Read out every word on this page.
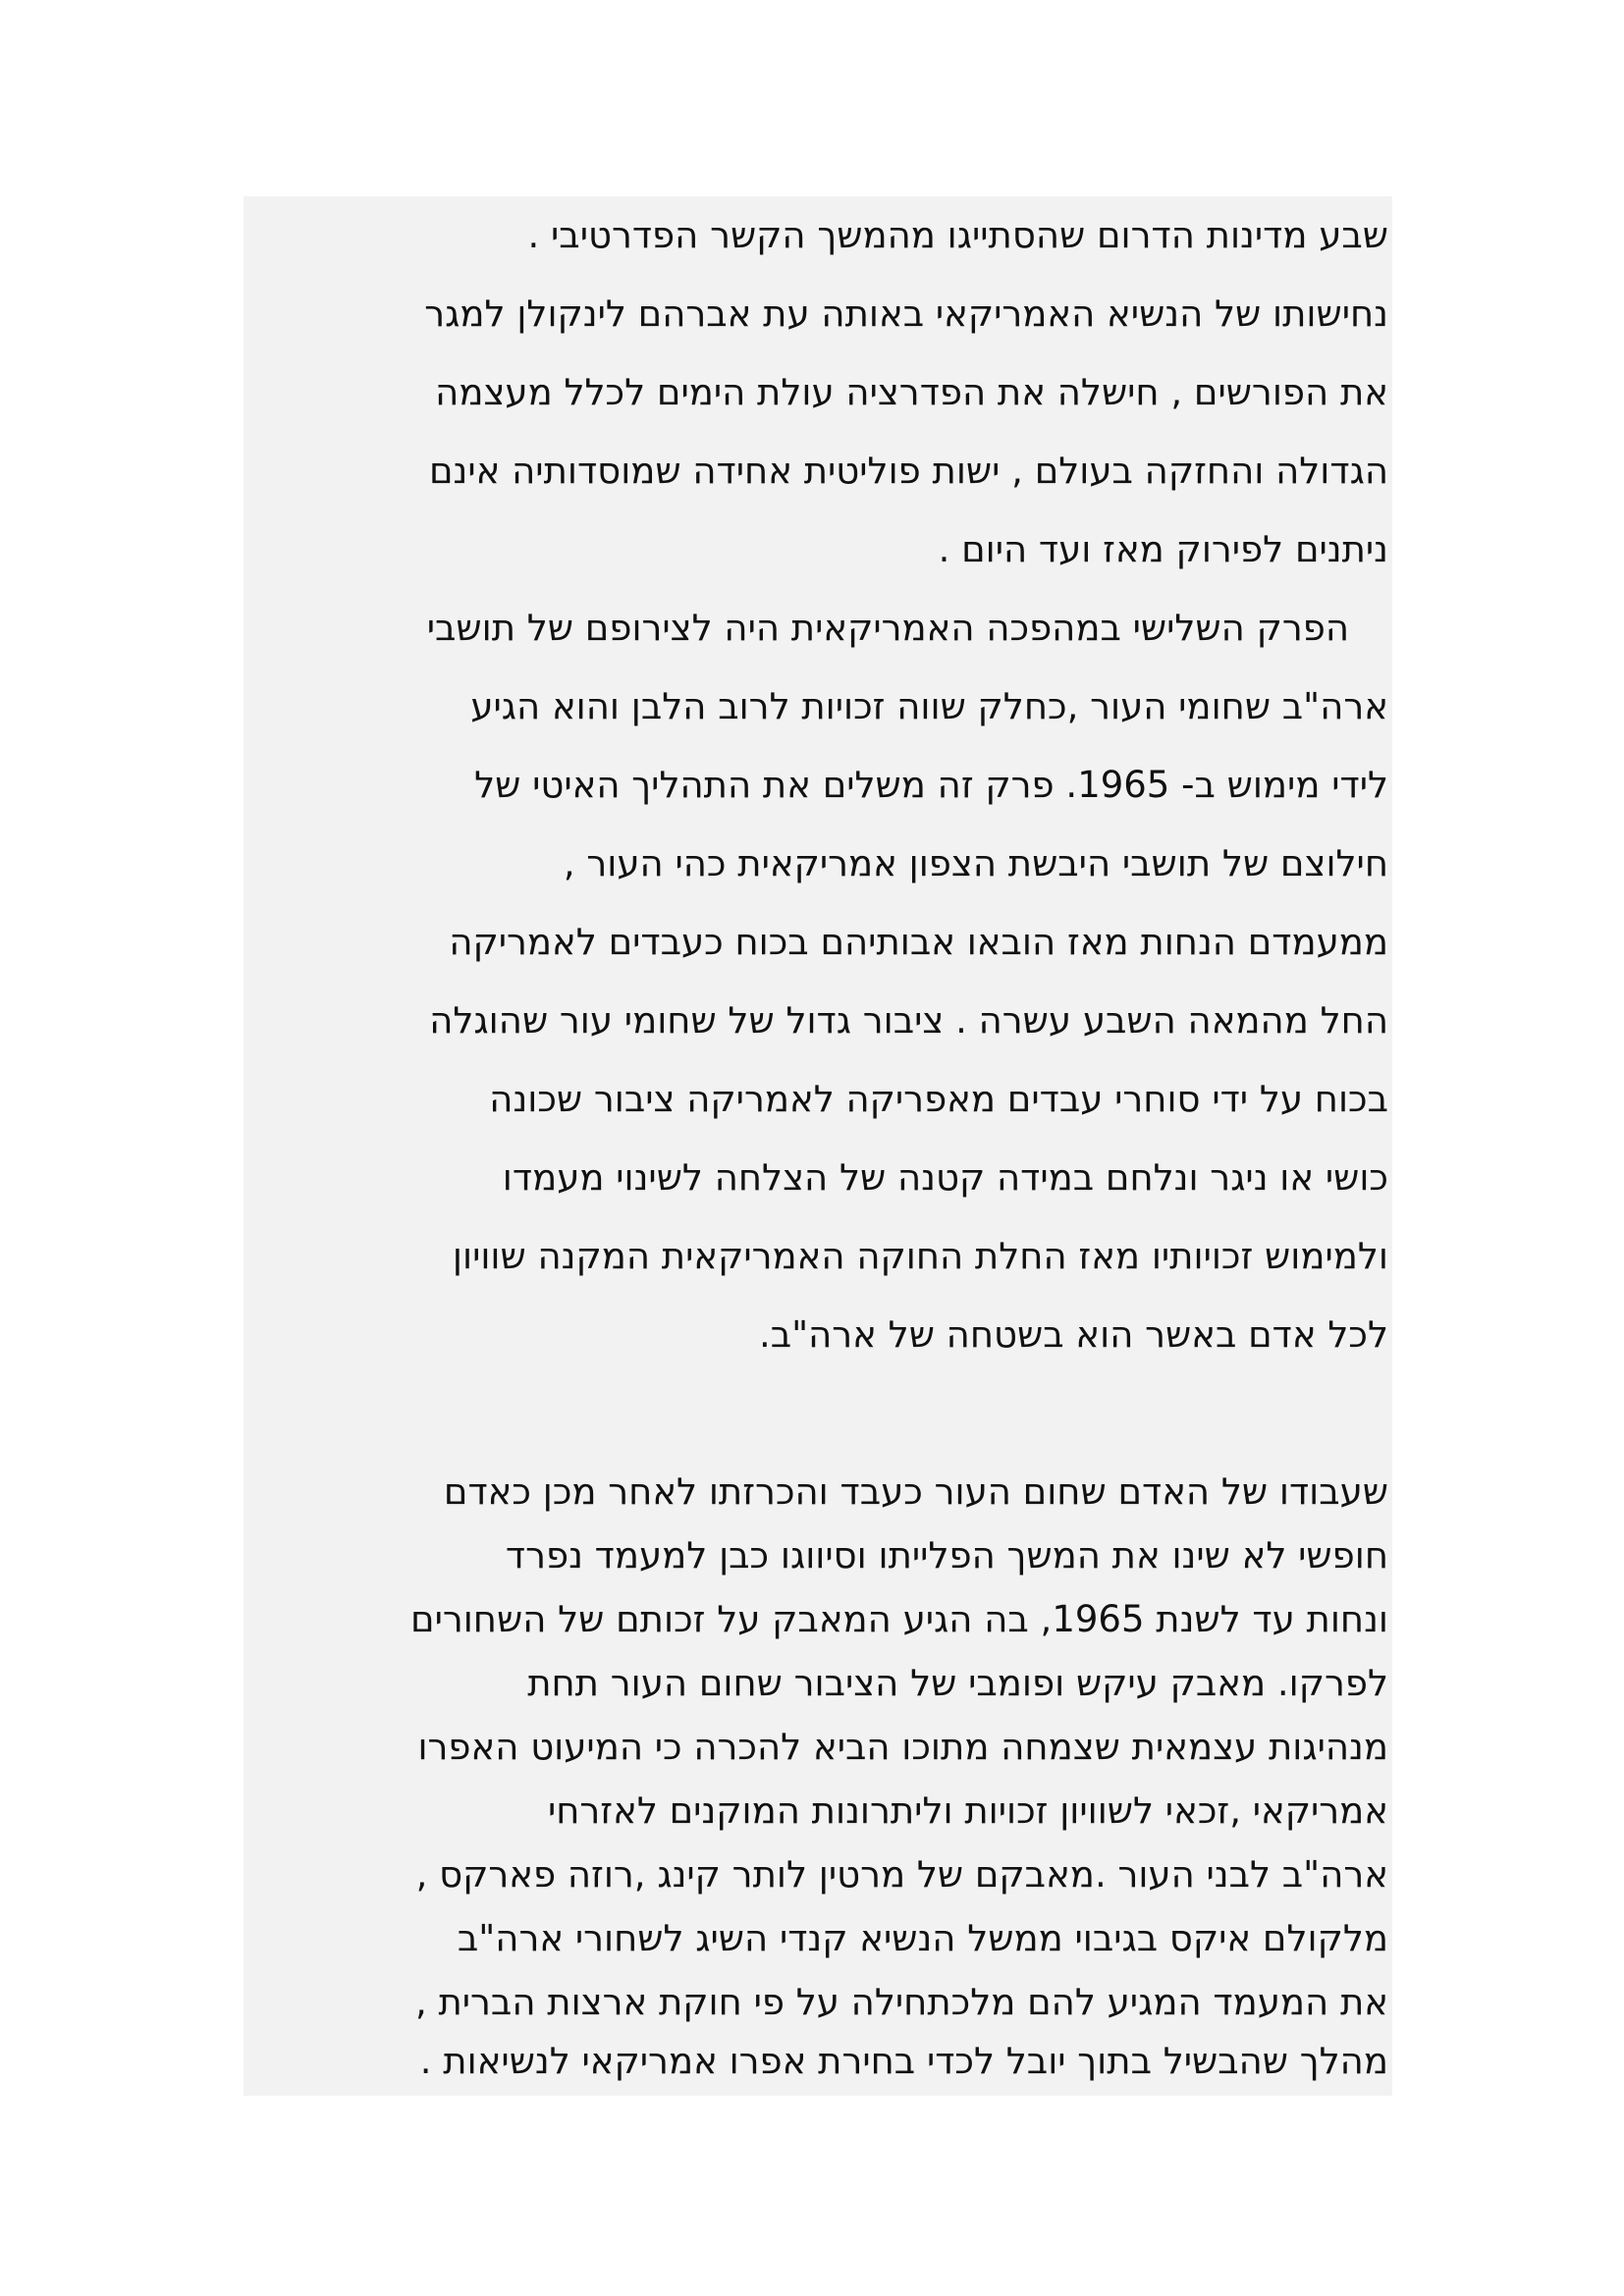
שבע מדינות הדרום שהסתייגו מהמשך הקשר הפדרטיבי .
נחישותו של הנשיא האמריקאי באותה עת אברהם לינקולן למגר
את הפורשים , חישלה את הפדרציה עולת הימים לכלל מעצמה
הגדולה והחזקה בעולם , ישות פוליטית אחידה שמוסדותיה אינם
ניתנים לפירוק מאז ועד היום .
הפרק השלישי במהפכה האמריקאית היה לצירופם של תושבי
ארה"ב שחומי העור ,כחלק שווה זכויות לרוב הלבן והוא הגיע
לידי מימוש ב- 1965. פרק זה משלים את התהליך האיטי של
חילוצם של תושבי היבשת הצפון אמריקאית כהי העור ,
ממעמדם הנחות מאז הובאו אבותיהם בכוח כעבדים לאמריקה
החל מהמאה השבע עשרה . ציבור גדול של שחומי עור שהוגלה
בכוח על ידי סוחרי עבדים מאפריקה לאמריקה ציבור שכונה
כושי או ניגר ונלחם במידה קטנה של הצלחה לשינוי מעמדו
ולמימוש זכויותיו מאז החלת החוקה האמריקאית המקנה שוויון
לכל אדם באשר הוא בשטחה של ארה"ב.
שעבודו של האדם שחום העור כעבד והכרזתו לאחר מכן כאדם
חופשי לא שינו את המשך הפלייתו וסיווגו כבן למעמד נפרד
ונחות עד לשנת 1965, בה הגיע המאבק על זכותם של השחורים
לפרקו. מאבק עיקש ופומבי של הציבור שחום העור תחת
מנהיגות עצמאית שצמחה מתוכו הביא להכרה כי המיעוט האפרו
אמריקאי ,זכאי לשוויון זכויות וליתרונות המוקנים לאזרחי
ארה"ב לבני העור .מאבקם של מרטין לותר קינג ,רוזה פארקס ,
מלקולם איקס בגיבוי ממשל הנשיא קנדי השיג לשחורי ארה"ב
את המעמד המגיע להם מלכתחילה על פי חוקת ארצות הברית ,
מהלך שהבשיל בתוך יובל לכדי בחירת אפרו אמריקאי לנשיאות .
